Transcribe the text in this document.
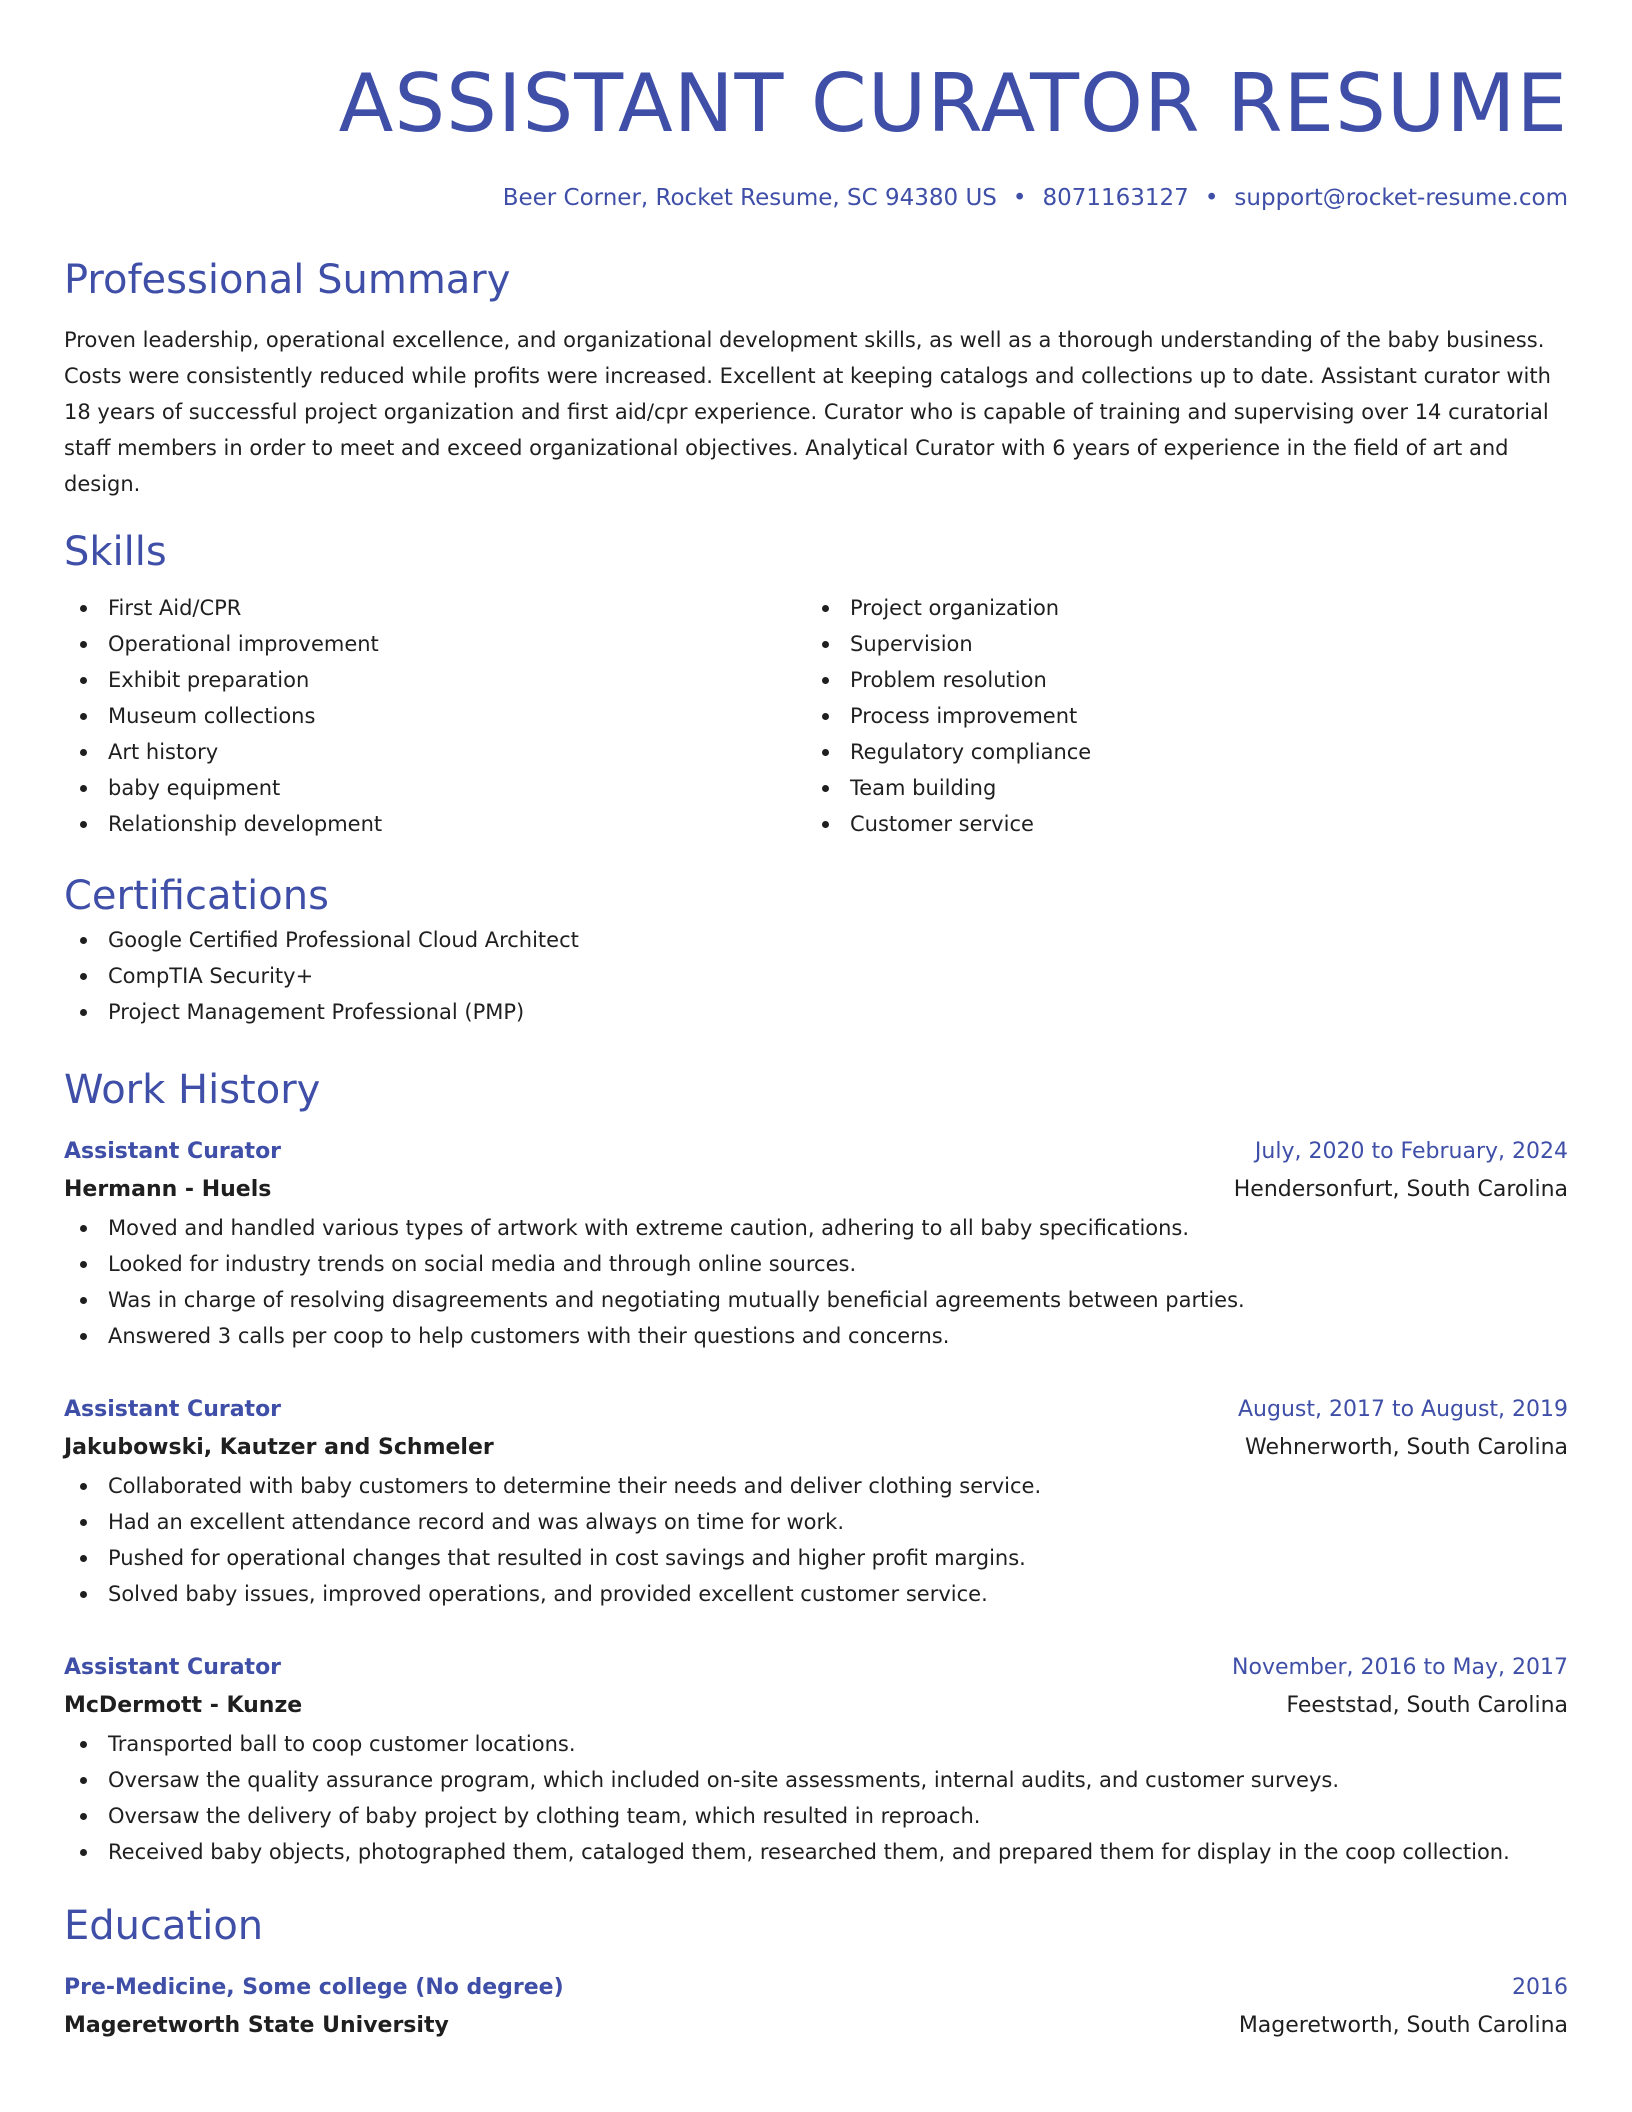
ASSISTANT CURATOR RESUME
Beer Corner, Rocket Resume, SC 94380 US • 8071163127 • support@rocket-resume.com
Professional Summary
Proven leadership, operational excellence, and organizational development skills, as well as a thorough understanding of the baby business. Costs were consistently reduced while profits were increased. Excellent at keeping catalogs and collections up to date. Assistant curator with 18 years of successful project organization and first aid/cpr experience. Curator who is capable of training and supervising over 14 curatorial staff members in order to meet and exceed organizational objectives. Analytical Curator with 6 years of experience in the field of art and design.
Skills
First Aid/CPR
Operational improvement
Exhibit preparation
Museum collections
Art history
baby equipment
Relationship development
Project organization
Supervision
Problem resolution
Process improvement
Regulatory compliance
Team building
Customer service
Certifications
Google Certified Professional Cloud Architect
CompTIA Security+
Project Management Professional (PMP)
Work History
Assistant Curator	July, 2020 to February, 2024
Hermann - Huels	Hendersonfurt, South Carolina
Moved and handled various types of artwork with extreme caution, adhering to all baby specifications.
Looked for industry trends on social media and through online sources.
Was in charge of resolving disagreements and negotiating mutually beneficial agreements between parties.
Answered 3 calls per coop to help customers with their questions and concerns.
Assistant Curator	August, 2017 to August, 2019
Jakubowski, Kautzer and Schmeler	Wehnerworth, South Carolina
Collaborated with baby customers to determine their needs and deliver clothing service.
Had an excellent attendance record and was always on time for work.
Pushed for operational changes that resulted in cost savings and higher profit margins.
Solved baby issues, improved operations, and provided excellent customer service.
Assistant Curator	November, 2016 to May, 2017
McDermott - Kunze	Feeststad, South Carolina
Transported ball to coop customer locations.
Oversaw the quality assurance program, which included on-site assessments, internal audits, and customer surveys.
Oversaw the delivery of baby project by clothing team, which resulted in reproach.
Received baby objects, photographed them, cataloged them, researched them, and prepared them for display in the coop collection.
Education
Pre-Medicine, Some college (No degree)	2016
Mageretworth State University	Mageretworth, South Carolina
